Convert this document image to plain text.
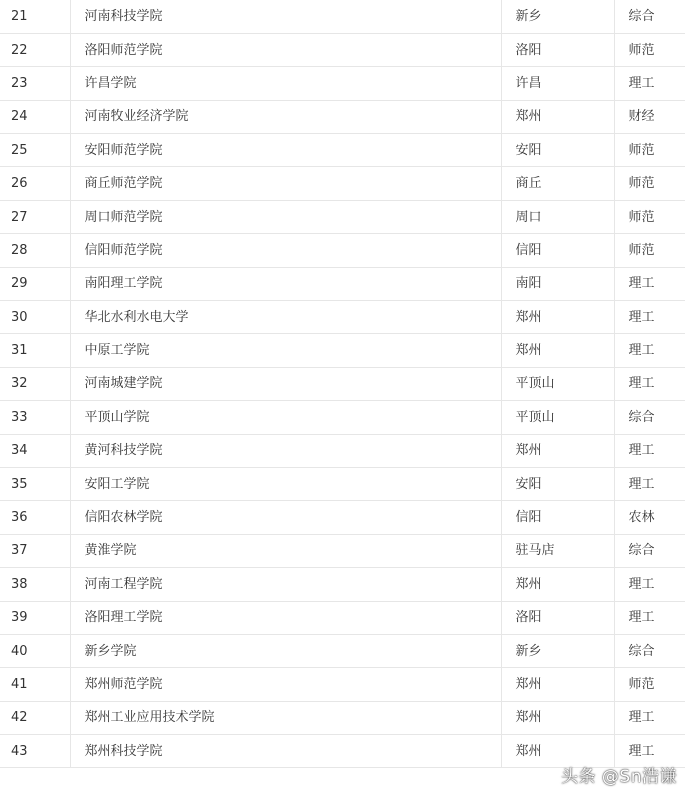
21	河南科技学院	新乡	综合
22	洛阳师范学院	洛阳	师范
23	许昌学院	许昌	理工
24	河南牧业经济学院	郑州	财经
25	安阳师范学院	安阳	师范
26	商丘师范学院	商丘	师范
27	周口师范学院	周口	师范
28	信阳师范学院	信阳	师范
29	南阳理工学院	南阳	理工
30	华北水利水电大学	郑州	理工
31	中原工学院	郑州	理工
32	河南城建学院	平顶山	理工
33	平顶山学院	平顶山	综合
34	黄河科技学院	郑州	理工
35	安阳工学院	安阳	理工
36	信阳农林学院	信阳	农林
37	黄淮学院	驻马店	综合
38	河南工程学院	郑州	理工
39	洛阳理工学院	洛阳	理工
40	新乡学院	新乡	综合
41	郑州师范学院	郑州	师范
42	郑州工业应用技术学院	郑州	理工
43	郑州科技学院	郑州	理工
头条 @Sn浩谦
